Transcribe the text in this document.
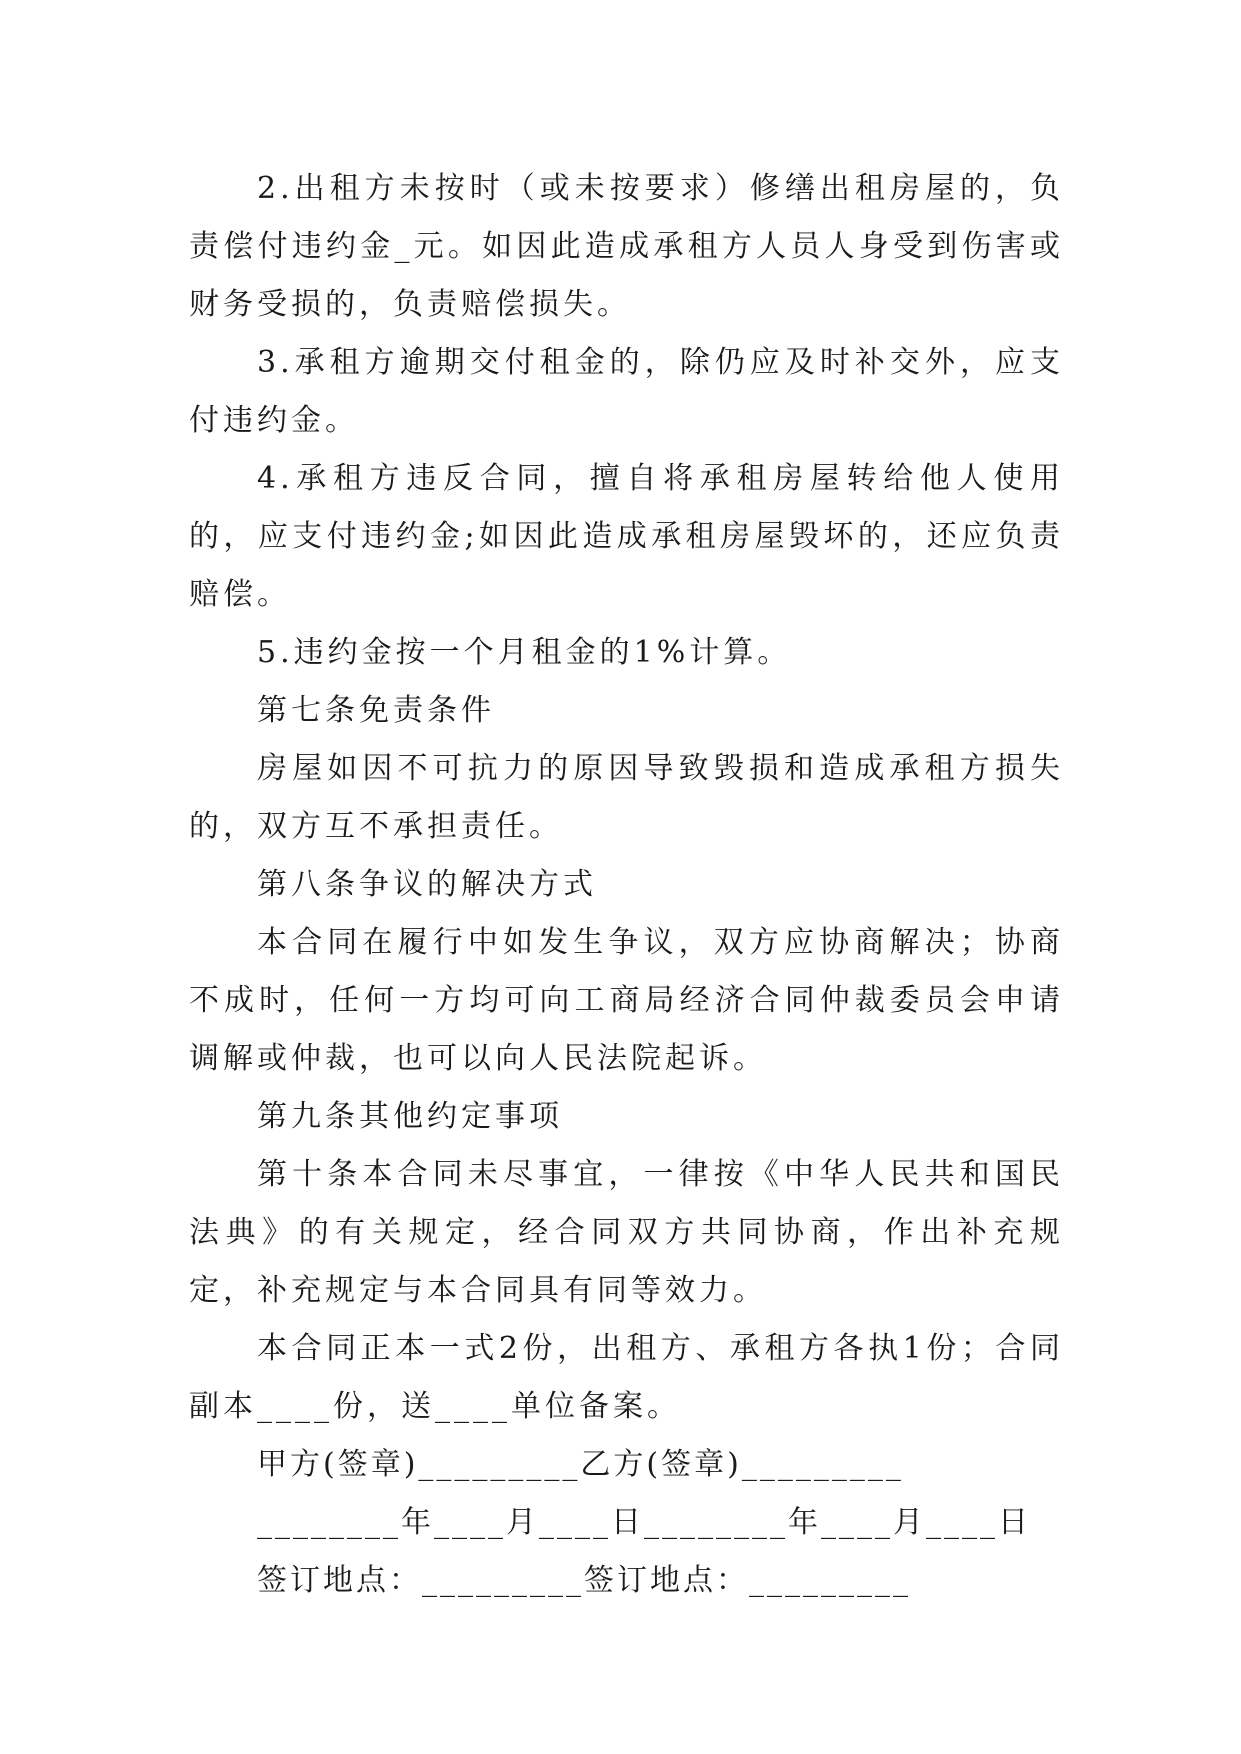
2.出租方未按时（或未按要求）修缮出租房屋的，负责偿付违约金_元。如因此造成承租方人员人身受到伤害或财务受损的，负责赔偿损失。

3.承租方逾期交付租金的，除仍应及时补交外，应支付违约金。

4.承租方违反合同，擅自将承租房屋转给他人使用的，应支付违约金;如因此造成承租房屋毁坏的，还应负责赔偿。

5.违约金按一个月租金的1%计算。

第七条免责条件

房屋如因不可抗力的原因导致毁损和造成承租方损失的，双方互不承担责任。

第八条争议的解决方式

本合同在履行中如发生争议，双方应协商解决；协商不成时，任何一方均可向工商局经济合同仲裁委员会申请调解或仲裁，也可以向人民法院起诉。

第九条其他约定事项

第十条本合同未尽事宜，一律按《中华人民共和国民法典》的有关规定，经合同双方共同协商，作出补充规定，补充规定与本合同具有同等效力。

本合同正本一式2份，出租方、承租方各执1份；合同副本____份，送____单位备案。

甲方(签章)_________乙方(签章)_________

________年____月____日________年____月____日

签订地点：_________签订地点：_________
